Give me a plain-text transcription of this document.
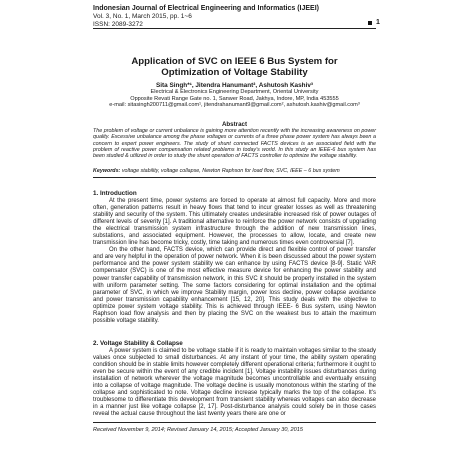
Indonesian Journal of Electrical Engineering and Informatics (IJEEI)
Vol. 3, No. 1, March 2015, pp. 1~6
ISSN: 2089-3272	1
Application of SVC on IEEE 6 Bus System for
Optimization of Voltage Stability
Sita Singh*¹, Jitendra Hanumant², Ashutosh Kashiv³
Electrical & Electronics Engineering Department, Oriental University
Opposite Revati Range Gate no. 1, Sanwer Road, Jakhya, Indore, MP, India 453555
e-mail: sitasingh200711@gmail.com¹, jitendrahanumant9@gmail.com², ashutosh.kashiv@gmail.com³
Abstract
The problem of voltage or current unbalance is gaining more attention recently with the increasing awareness on power quality. Excessive unbalance among the phase voltages or currents of a three phase power system has always been a concern to expert power engineers. The study of shunt connected FACTS devices is an associated field with the problem of reactive power compensation related problems in today's world. In this study an IEEE-6 bus system has been studied & utilized in order to study the shunt operation of FACTS controller to optimize the voltage stability.
Keywords: voltage stability, voltage collapse, Newton Raphson for load flow, SVC, IEEE – 6 bus system
1. Introduction

At the present time, power systems are forced to operate at almost full capacity. More and more often, generation patterns result in heavy flows that tend to incur greater losses as well as threatening stability and security of the system. This ultimately creates undesirable increased risk of power outages of different levels of severity [1]. A traditional alternative to reinforce the power network consists of upgrading the electrical transmission system infrastructure through the addition of new transmission lines, substations, and associated equipment. However, the processes to allow, locate, and create new transmission line has become tricky, costly, time taking and numerous times even controversial [7].

On the other hand, FACTS device, which can provide direct and flexible control of power transfer and are very helpful in the operation of power network. When it is been discussed about the power system performance and the power system stability we can enhance by using FACTS device [8-9]. Static VAR compensator (SVC) is one of the most effective measure device for enhancing the power stability and power transfer capability of transmission network, in this SVC it should be properly installed in the system with uniform parameter setting. The some factors considering for optimal installation and the optimal parameter of SVC, in which we improve Stability margin, power loss decline, power collapse avoidance and power transmission capability enhancement [15, 12, 20]. This study deals with the objective to optimize power system voltage stability. This is achieved through IEEE- 6 Bus system, using Newton Raphson load flow analysis and then by placing the SVC on the weakest bus to attain the maximum possible voltage stability.

2. Voltage Stability & Collapse

A power system is claimed to be voltage stable if it is ready to maintain voltages similar to the steady values once subjected to small disturbances. At any instant of your time, the ability system operating condition should be in stable limits however completely different operational criteria; furthermore it ought to even be secure within the event of any credible incident [1]. Voltage instability issues disturbances during installation of network wherever the voltage magnitude becomes uncontrollable and eventually ensuing into a collapse of voltage magnitude. The voltage decline is usually monotonous within the starting of the collapse and sophisticated to note. Voltage decline increase typically marks the top of the collapse. It's troublesome to differentiate this development from transient stability whereas voltages can also decrease in a manner just like voltage collapse [2, 17]. Post-disturbance analysis could solely be in those cases reveal the actual cause throughout the last twenty years there are one or

Received November 9, 2014; Revised January 14, 2015; Accepted January 30, 2015
